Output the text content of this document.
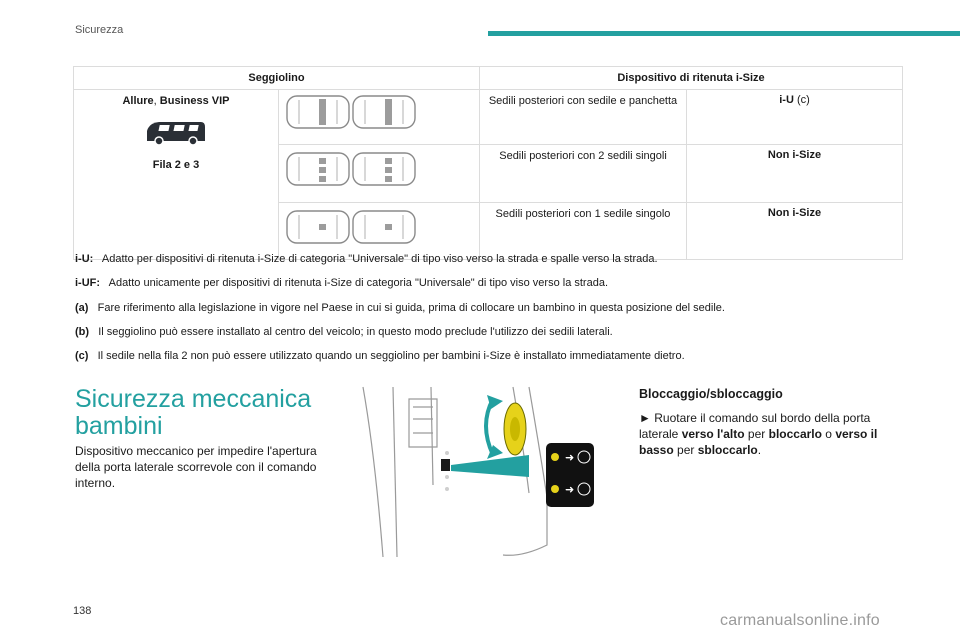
Sicurezza
Seggiolino		Dispositivo di ritenuta i-Size	

Allure, Business VIP
Fila 2 e 3		Sedili posteriori con sedile e panchetta	i-U (c)
	Sedili posteriori con 2 sedili singoli	Non i-Size
	Sedili posteriori con 1 sedile singolo	Non i-Size
i-U: Adatto per dispositivi di ritenuta i-Size di categoria "Universale" di tipo viso verso la strada e spalle verso la strada.
i-UF: Adatto unicamente per dispositivi di ritenuta i-Size di categoria "Universale" di tipo viso verso la strada.
(a) Fare riferimento alla legislazione in vigore nel Paese in cui si guida, prima di collocare un bambino in questa posizione del sedile.
(b) Il seggiolino può essere installato al centro del veicolo; in questo modo preclude l'utilizzo dei sedili laterali.
(c) Il sedile nella fila 2 non può essere utilizzato quando un seggiolino per bambini i-Size è installato immediatamente dietro.
Sicurezza meccanica bambini
Dispositivo meccanico per impedire l'apertura della porta laterale scorrevole con il comando interno.
➜
➜
Bloccaggio/sbloccaggio
► Ruotare il comando sul bordo della porta laterale verso l'alto per bloccarlo o verso il basso per sbloccarlo.
138
carmanualsonline.info
